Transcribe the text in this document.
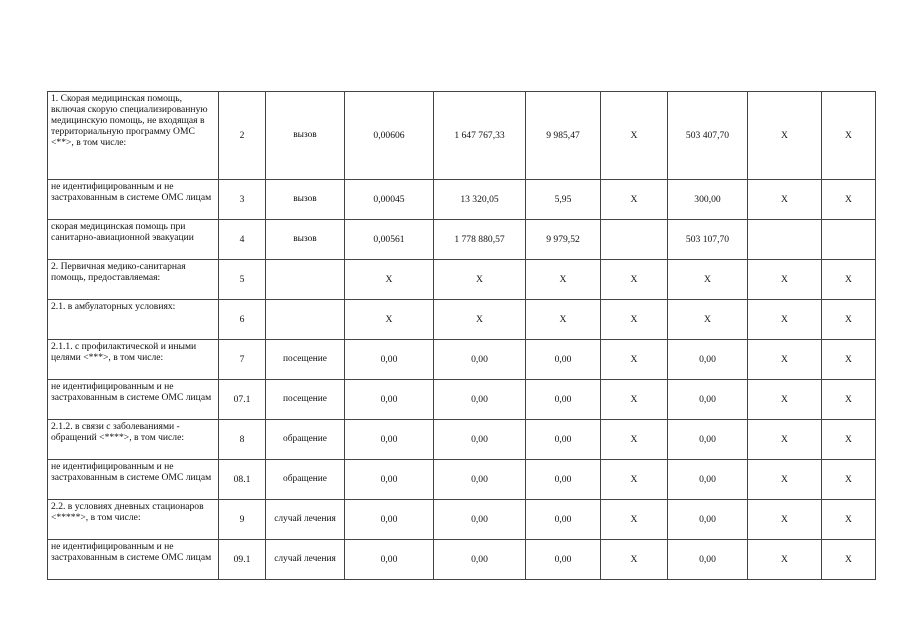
1. Скорая медицинская помощь, включая скорую специализированную медицинскую помощь, не входящая в территориальную программу ОМС <**>, в том числе:	2	вызов	0,00606	1 647 767,33	9 985,47	X	503 407,70	X	X
не идентифицированным и не застрахованным в системе ОМС лицам	3	вызов	0,00045	13 320,05	5,95	X	300,00	X	X
скорая медицинская помощь при санитарно-авиационной эвакуации	4	вызов	0,00561	1 778 880,57	9 979,52		503 107,70		
2. Первичная медико-санитарная помощь, предоставляемая:	5		X	X	X	X	X	X	X
2.1. в амбулаторных условиях:	6		X	X	X	X	X	X	X
2.1.1. с профилактической и иными целями <***>, в том числе:	7	посещение	0,00	0,00	0,00	X	0,00	X	X
не идентифицированным и не застрахованным в системе ОМС лицам	07.1	посещение	0,00	0,00	0,00	X	0,00	X	X
2.1.2. в связи с заболеваниями - обращений <****>, в том числе:	8	обращение	0,00	0,00	0,00	X	0,00	X	X
не идентифицированным и не застрахованным в системе ОМС лицам	08.1	обращение	0,00	0,00	0,00	X	0,00	X	X
2.2. в условиях дневных стационаров <*****>, в том числе:	9	случай лечения	0,00	0,00	0,00	X	0,00	X	X
не идентифицированным и не застрахованным в системе ОМС лицам	09.1	случай лечения	0,00	0,00	0,00	X	0,00	X	X
